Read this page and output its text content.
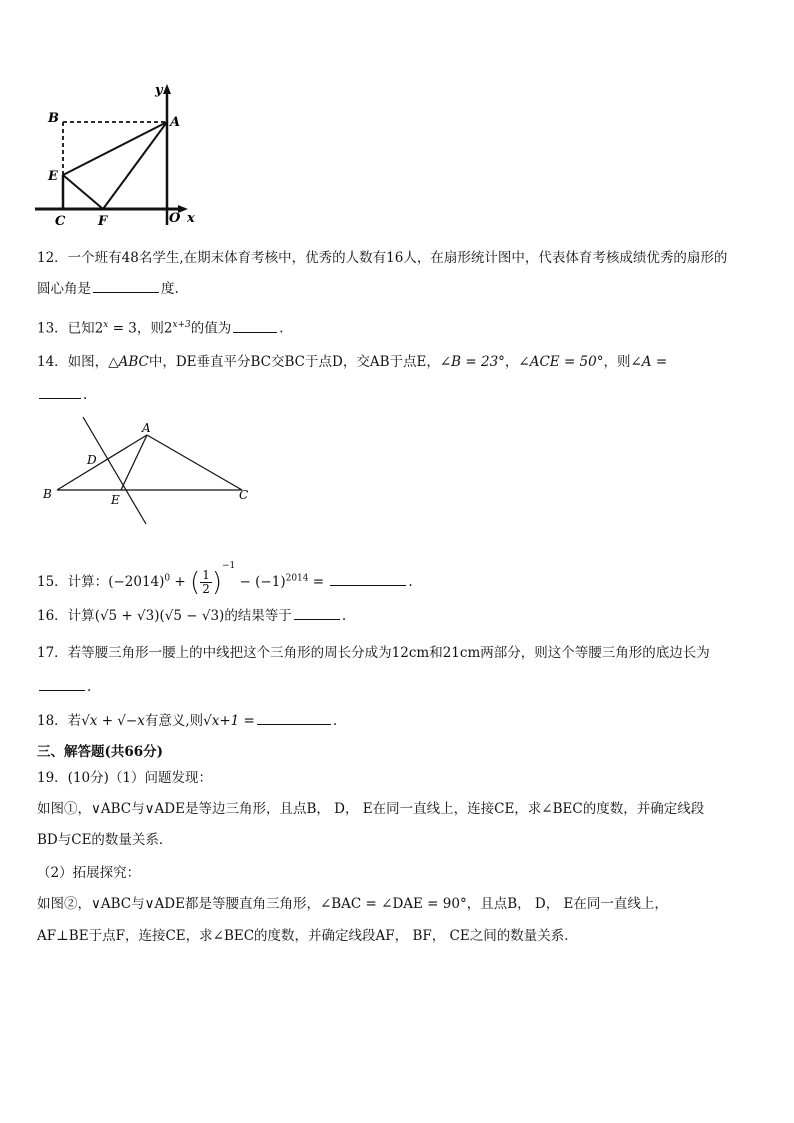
y
A
B
E
C	F	O x
12．一个班有48名学生,在期末体育考核中，优秀的人数有16人，在扇形统计图中，代表体育考核成绩优秀的扇形的
圆心角是	度.
13．已知$2^x = 3$，则$2^{x+3}$的值为	.
14．如图，△ABC中，DE垂直平分BC交BC于点D，交AB于点E，∠B = 23°，∠ACE = 50°，则∠A =
.
A
D
B	E	C
15．计算：$(-2014)^0$ + ( $\frac{1}{2} )^{-1} - (-1)^{2014}$ =	.
16．计算(√5 + √3)(√5 − √3)的结果等于	.
17．若等腰三角形一腰上的中线把这个三角形的周长分成为12cm和21cm两部分，则这个等腰三角形的底边长为
.
18．若√x + √−x有意义,则√x+1 =	.
三、解答题(共66分)
19．(10分)（1）问题发现：
如图①，∨ABC与∨ADE是等边三角形，且点B， D， E在同一直线上，连接CE，求∠BEC的度数，并确定线段
BD与CE的数量关系．
（2）拓展探究：
如图②，∨ABC与∨ADE都是等腰直角三角形，∠BAC = ∠DAE = 90°，且点B， D， E在同一直线上，
AF⊥BE于点F，连接CE，求∠BEC的度数，并确定线段AF， BF， CE之间的数量关系．
